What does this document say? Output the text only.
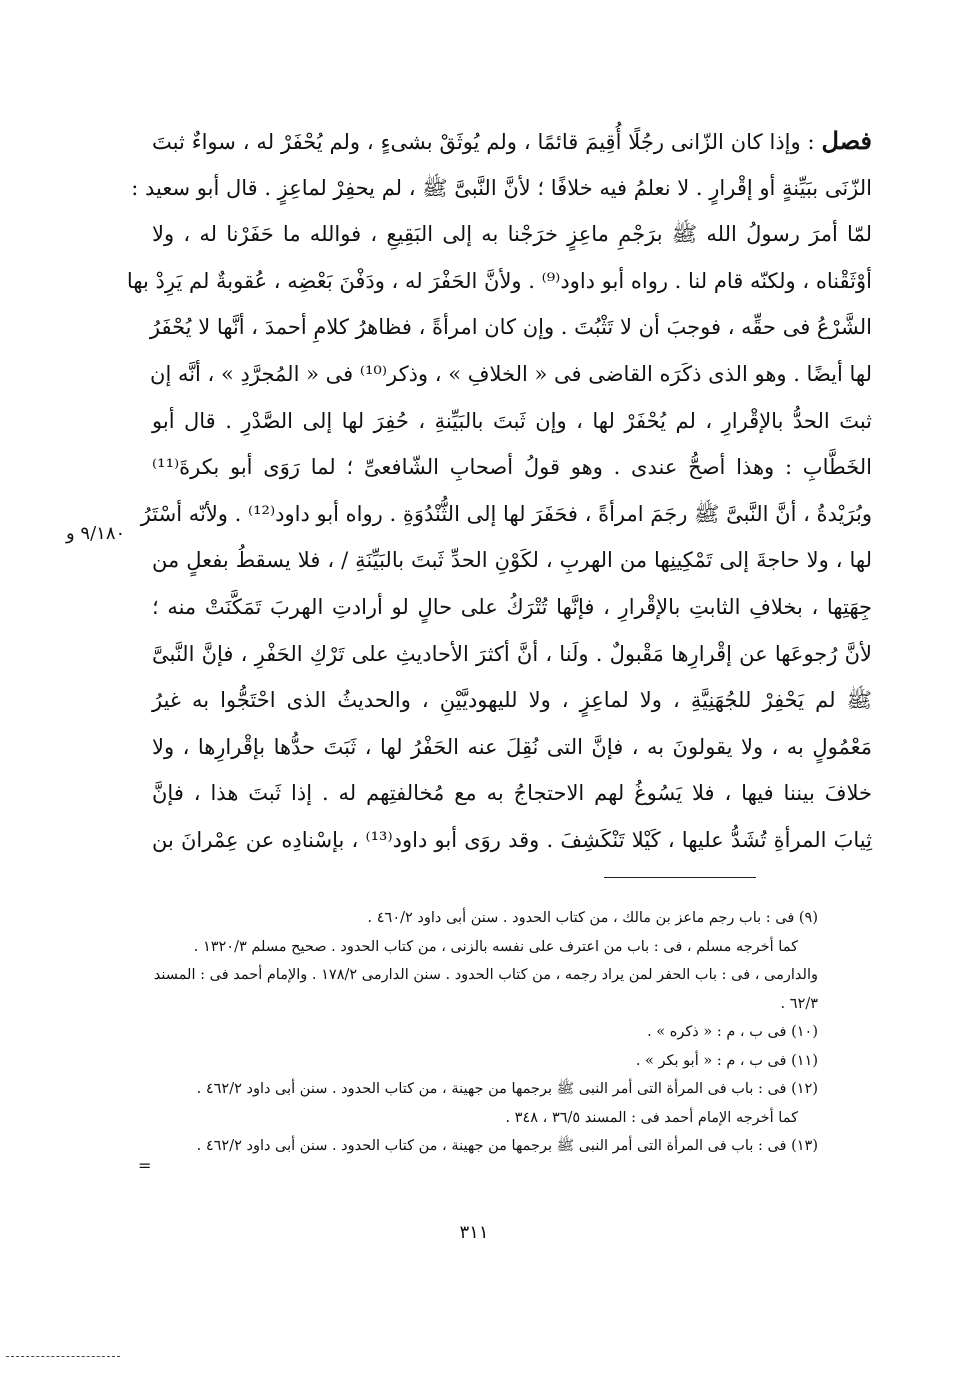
فصل : وإذا كان الزّانى رجُلًا أُقِيمَ قائمًا ، ولم يُوثَقْ بشىءٍ ، ولم يُحْفَرْ له ، سواءٌ ثبتَ
الزّنَى ببَيِّنةٍ أو إقْرارٍ . لا نعلمُ فيه خلافًا ؛ لأنَّ النَّبىَّ ﷺ ، لم يحفِرْ لماعِزٍ . قال أبو سعيد :
لمّا أمرَ رسولُ الله ﷺ برَجْمِ ماعِزٍ خرَجْنا به إلى البَقِيعِ ، فوالله ما حَفَرْنا له ، ولا
أوْثَقْناه ، ولكنّه قام لنا . رواه أبو داود⁽⁹⁾ . ولأنَّ الحَفْرَ له ، ودَفْنَ بَعْضِه ، عُقوبةٌ لم يَرِدْ بها
الشَّرْعُ فى حقِّه ، فوجبَ أن لا تَثْبُتَ . وإن كان امرأةً ، فظاهرُ كلامِ أحمدَ ، أنَّها لا يُحْفَرُ
لها أيضًا . وهو الذى ذكَرَه القاضى فى « الخلافِ » ، وذكر⁽¹⁰⁾ فى « المُجرَّدِ » ، أنَّه إن
ثبتَ الحدُّ بالإقْرارِ ، لم يُحْفَرْ لها ، وإن ثَبتَ بالبَيِّنةِ ، حُفِرَ لها إلى الصَّدْرِ . قال أبو
الخَطَّابِ : وهذا أصحُّ عندى . وهو قولُ أصحابِ الشّافعىِّ ؛ لما رَوَى أبو بكرةَ⁽¹¹⁾
وبُرَيْدةُ ، أنَّ النَّبىَّ ﷺ رجَمَ امرأةً ، فحَفَرَ لها إلى الثُّنْدُوَةِ . رواه أبو داود⁽¹²⁾ . ولأنّه أسْتَرُ
لها ، ولا حاجةَ إلى تَمْكِينِها من الهربِ ، لكَوْنِ الحدِّ ثَبتَ بالبَيِّنَةِ / ، فلا يسقطُ بفعلٍ من
جِهَتِها ، بخلافِ الثابتِ بالإقْرارِ ، فإنَّها تُتْرَكُ على حالٍ لو أرادتِ الهربَ تَمَكَّنَتْ منه ؛
لأنَّ رُجوعَها عن إقْرارِها مَقْبولٌ . ولَنا ، أنَّ أكثرَ الأحاديثِ على تَرْكِ الحَفْرِ ، فإنَّ النَّبىَّ
ﷺ لم يَحْفِرْ للجُهَنِيَّةِ ، ولا لماعِزٍ ، ولا لليهوديَّيْنِ ، والحديثُ الذى احْتَجُّوا به غيرُ
مَعْمُولٍ به ، ولا يقولونَ به ، فإنَّ التى نُقِلَ عنه الحَفْرُ لها ، ثَبَتَ حدُّها بإقْرارِها ، ولا
خلافَ بيننا فيها ، فلا يَسُوغُ لهم الاحتجاجُ به مع مُخالفتِهم له . إذا ثَبتَ هذا ، فإنَّ
ثِيابَ المرأةِ تُشَدُّ عليها ، كَيْلا تَنْكَشِفَ . وقد روَى أبو داود⁽¹³⁾ ، بإسْنادِه عن عِمْرانَ بن
٩/١٨٠ و
(٩) فى : باب رجم ماعز بن مالك ، من كتاب الحدود . سنن أبى داود ٤٦٠/٢ .
كما أخرجه مسلم ، فى : باب من اعترف على نفسه بالزنى ، من كتاب الحدود . صحيح مسلم ١٣٢٠/٣ .
والدارمى ، فى : باب الحفر لمن يراد رجمه ، من كتاب الحدود . سنن الدارمى ١٧٨/٢ . والإمام أحمد فى : المسند
٦٢/٣ .
(١٠) فى ب ، م : « ذكره » .
(١١) فى ب ، م : « أبو بكر » .
(١٢) فى : باب فى المرأة التى أمر النبى ﷺ برجمها من جهينة ، من كتاب الحدود . سنن أبى داود ٤٦٢/٢ .
كما أخرجه الإمام أحمد فى : المسند ٣٦/٥ ، ٣٤٨ .
(١٣) فى : باب فى المرأة التى أمر النبى ﷺ برجمها من جهينة ، من كتاب الحدود . سنن أبى داود ٤٦٢/٢ .
=
٣١١
